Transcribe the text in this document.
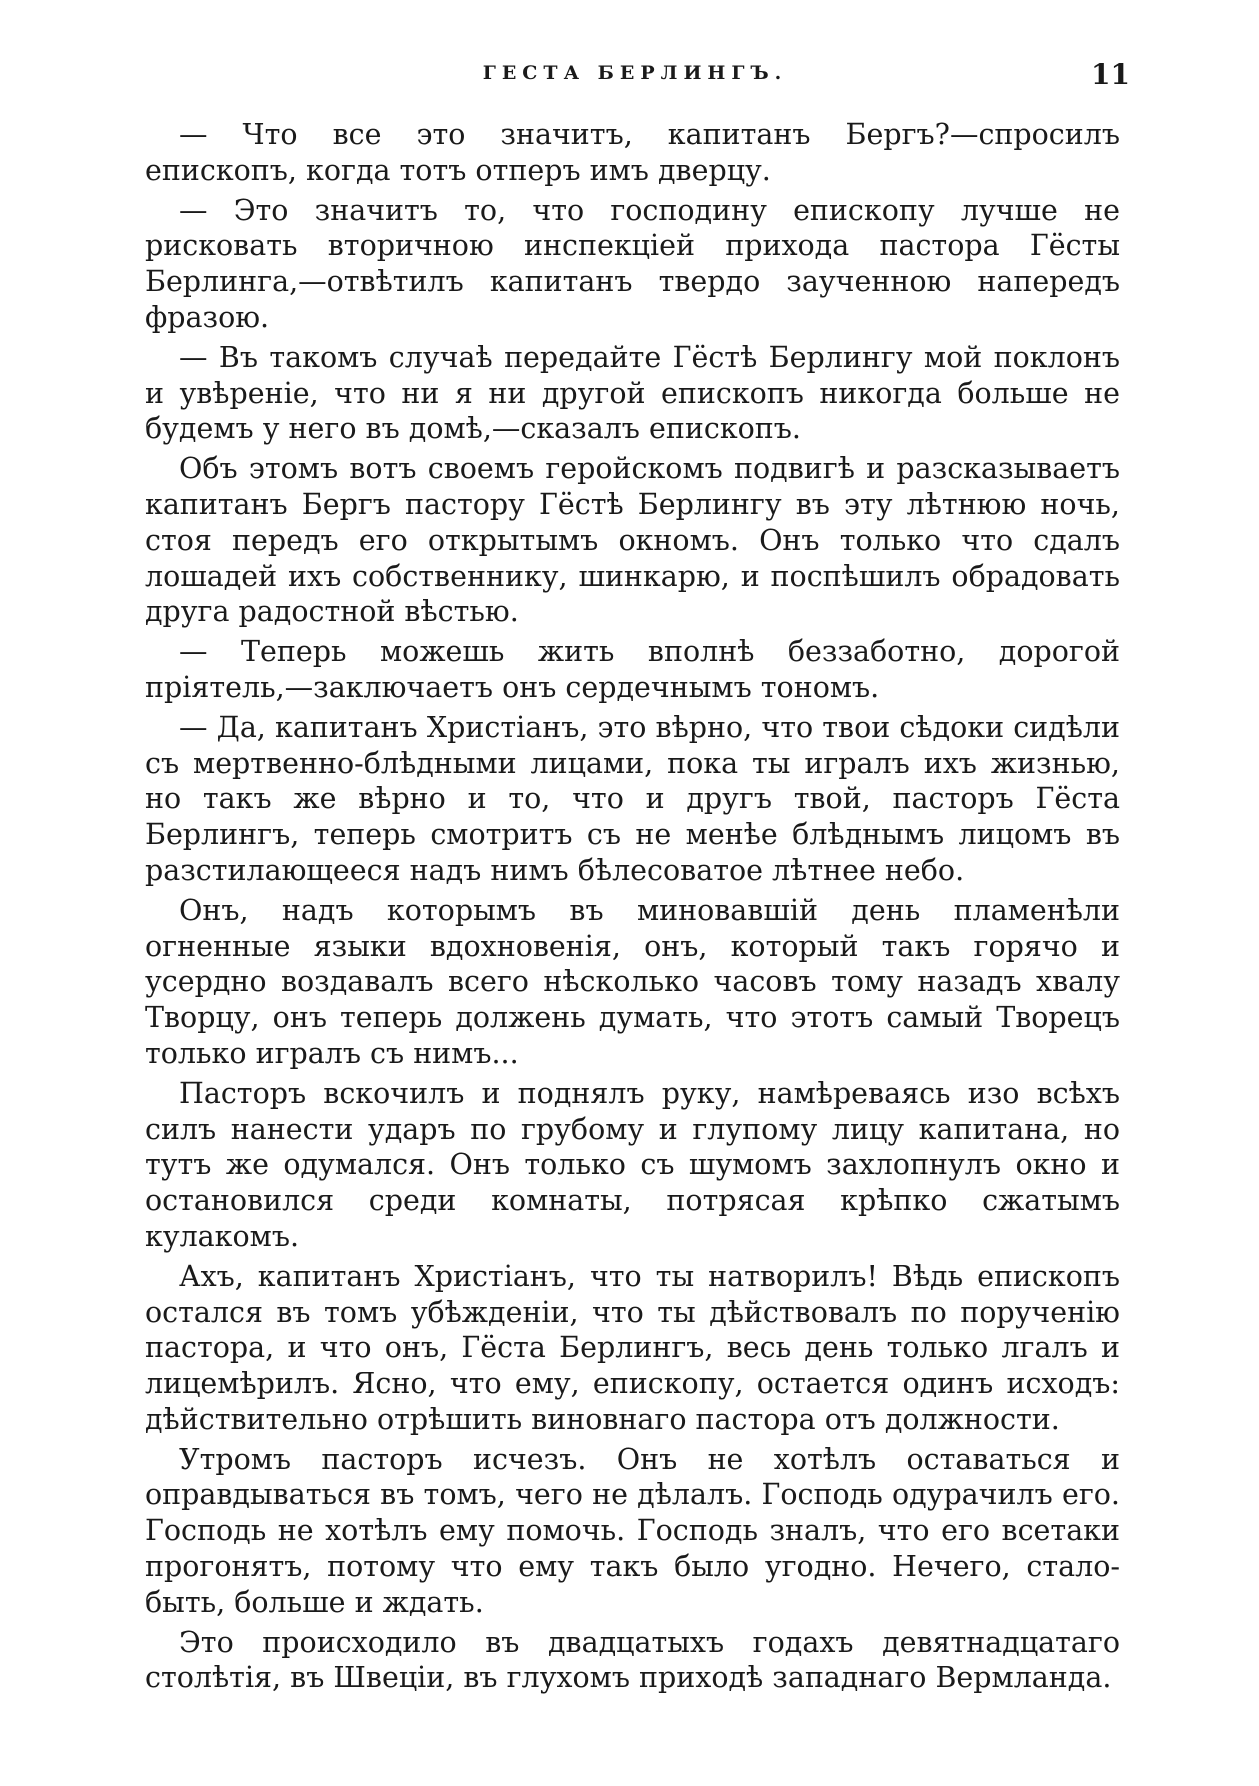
ГЕСТА БЕРЛИНГЪ.	11

— Что все это значитъ, капитанъ Бергъ?—спросилъ епископъ, когда тотъ отперъ имъ дверцу.

— Это значитъ то, что господину епископу лучше не рисковать вторичною инспекціей прихода пастора Гёсты Берлинга,—отвѣтилъ капитанъ твердо заученною напередъ фразою.

— Въ такомъ случаѣ передайте Гёстѣ Берлингу мой поклонъ и увѣреніе, что ни я ни другой епископъ никогда больше не будемъ у него въ домѣ,—сказалъ епископъ.

Объ этомъ вотъ своемъ геройскомъ подвигѣ и разсказываетъ капитанъ Бергъ пастору Гёстѣ Берлингу въ эту лѣтнюю ночь, стоя передъ его открытымъ окномъ. Онъ только что сдалъ лошадей ихъ собственнику, шинкарю, и поспѣшилъ обрадовать друга радостной вѣстью.

— Теперь можешь жить вполнѣ беззаботно, дорогой пріятель,—заключаетъ онъ сердечнымъ тономъ.

— Да, капитанъ Христіанъ, это вѣрно, что твои сѣдоки сидѣли съ мертвенно-блѣдными лицами, пока ты игралъ ихъ жизнью, но такъ же вѣрно и то, что и другъ твой, пасторъ Гёста Берлингъ, теперь смотритъ съ не менѣе блѣднымъ лицомъ въ разстилающееся надъ нимъ бѣлесоватое лѣтнее небо.

Онъ, надъ которымъ въ миновавшій день пламенѣли огненные языки вдохновенія, онъ, который такъ горячо и усердно воздавалъ всего нѣсколько часовъ тому назадъ хвалу Творцу, онъ теперь должень думать, что этотъ самый Творецъ только игралъ съ нимъ...

Пасторъ вскочилъ и поднялъ руку, намѣреваясь изо всѣхъ силъ нанести ударъ по грубому и глупому лицу капитана, но тутъ же одумался. Онъ только съ шумомъ захлопнулъ окно и остановился среди комнаты, потрясая крѣпко сжатымъ кулакомъ.

Ахъ, капитанъ Христіанъ, что ты натворилъ! Вѣдь епископъ остался въ томъ убѣжденіи, что ты дѣйствовалъ по порученію пастора, и что онъ, Гёста Берлингъ, весь день только лгалъ и лицемѣрилъ. Ясно, что ему, епископу, остается одинъ исходъ: дѣйствительно отрѣшить виновнаго пастора отъ должности.

Утромъ пасторъ исчезъ. Онъ не хотѣлъ оставаться и оправдываться въ томъ, чего не дѣлалъ. Господь одурачилъ его. Господь не хотѣлъ ему помочь. Господь зналъ, что его всетаки прогонятъ, потому что ему такъ было угодно. Нечего, стало-быть, больше и ждать.

Это происходило въ двадцатыхъ годахъ девятнадцатаго столѣтія, въ Швеціи, въ глухомъ приходѣ западнаго Вермланда.
